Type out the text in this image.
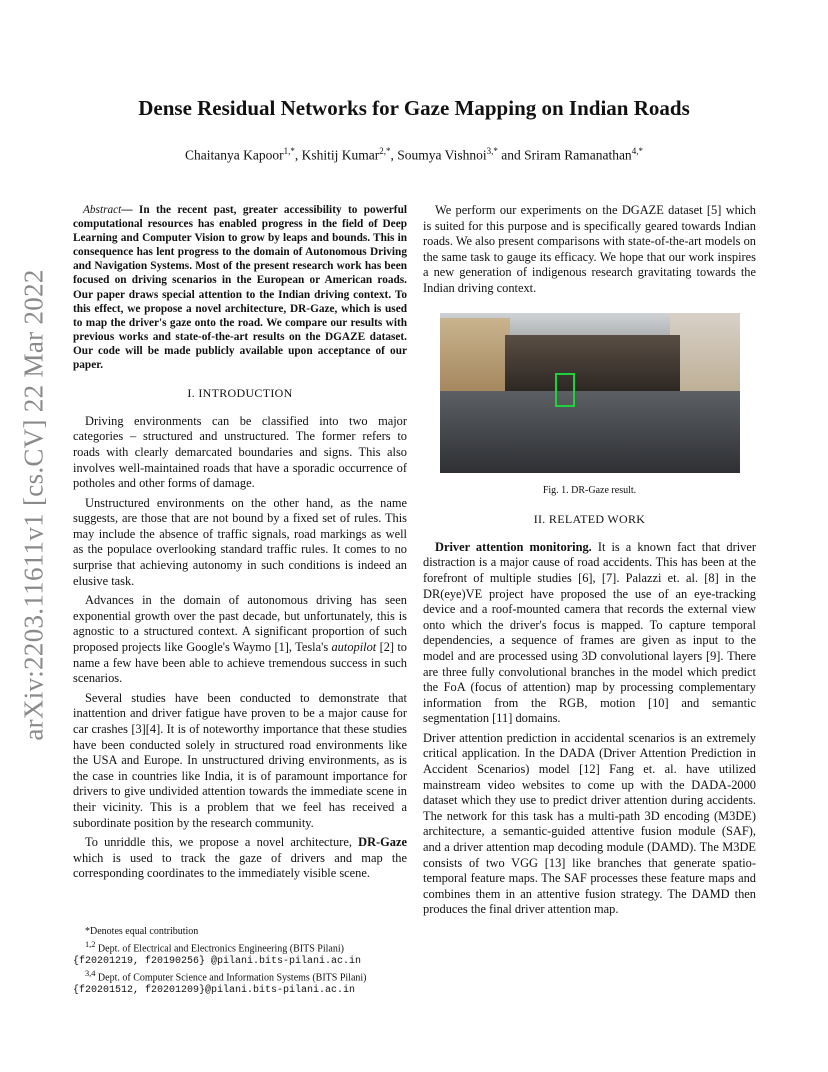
arXiv:2203.11611v1 [cs.CV] 22 Mar 2022
Dense Residual Networks for Gaze Mapping on Indian Roads
Chaitanya Kapoor$^{1,*}$, Kshitij Kumar$^{2,*}$, Soumya Vishnoi$^{3,*}$ and Sriram Ramanathan$^{4,*}$
Abstract— In the recent past, greater accessibility to powerful computational resources has enabled progress in the field of Deep Learning and Computer Vision to grow by leaps and bounds. This in consequence has lent progress to the domain of Autonomous Driving and Navigation Systems. Most of the present research work has been focused on driving scenarios in the European or American roads. Our paper draws special attention to the Indian driving context. To this effect, we propose a novel architecture, DR-Gaze, which is used to map the driver's gaze onto the road. We compare our results with previous works and state-of-the-art results on the DGAZE dataset. Our code will be made publicly available upon acceptance of our paper.
I. INTRODUCTION

Driving environments can be classified into two major categories – structured and unstructured. The former refers to roads with clearly demarcated boundaries and signs. This also involves well-maintained roads that have a sporadic occurrence of potholes and other forms of damage.

Unstructured environments on the other hand, as the name suggests, are those that are not bound by a fixed set of rules. This may include the absence of traffic signals, road markings as well as the populace overlooking standard traffic rules. It comes to no surprise that achieving autonomy in such conditions is indeed an elusive task.

Advances in the domain of autonomous driving has seen exponential growth over the past decade, but unfortunately, this is agnostic to a structured context. A significant proportion of such proposed projects like Google's Waymo [1], Tesla's autopilot [2] to name a few have been able to achieve tremendous success in such scenarios.

Several studies have been conducted to demonstrate that inattention and driver fatigue have proven to be a major cause for car crashes [3][4]. It is of noteworthy importance that these studies have been conducted solely in structured road environments like the USA and Europe. In unstructured driving environments, as is the case in countries like India, it is of paramount importance for drivers to give undivided attention towards the immediate scene in their vicinity. This is a problem that we feel has received a subordinate position by the research community.

To unriddle this, we propose a novel architecture, DR-Gaze which is used to track the gaze of drivers and map the corresponding coordinates to the immediately visible scene.

*Denotes equal contribution
$^{1,2}$ Dept. of Electrical and Electronics Engineering (BITS Pilani)
{f20201219, f20190256} @pilani.bits-pilani.ac.in
$^{3,4}$ Dept. of Computer Science and Information Systems (BITS Pilani)
{f20201512, f20201209}@pilani.bits-pilani.ac.in

We perform our experiments on the DGAZE dataset [5] which is suited for this purpose and is specifically geared towards Indian roads. We also present comparisons with state-of-the-art models on the same task to gauge its efficacy. We hope that our work inspires a new generation of indigenous research gravitating towards the Indian driving context.

Fig. 1. DR-Gaze result.
II. RELATED WORK

Driver attention monitoring. It is a known fact that driver distraction is a major cause of road accidents. This has been at the forefront of multiple studies [6], [7]. Palazzi et. al. [8] in the DR(eye)VE project have proposed the use of an eye-tracking device and a roof-mounted camera that records the external view onto which the driver's focus is mapped. To capture temporal dependencies, a sequence of frames are given as input to the model and are processed using 3D convolutional layers [9]. There are three fully convolutional branches in the model which predict the FoA (focus of attention) map by processing complementary information from the RGB, motion [10] and semantic segmentation [11] domains.

Driver attention prediction in accidental scenarios is an extremely critical application. In the DADA (Driver Attention Prediction in Accident Scenarios) model [12] Fang et. al. have utilized mainstream video websites to come up with the DADA-2000 dataset which they use to predict driver attention during accidents. The network for this task has a multi-path 3D encoding (M3DE) architecture, a semantic-guided attentive fusion module (SAF), and a driver attention map decoding module (DAMD). The M3DE consists of two VGG [13] like branches that generate spatio-temporal feature maps. The SAF processes these feature maps and combines them in an attentive fusion strategy. The DAMD then produces the final driver attention map.
